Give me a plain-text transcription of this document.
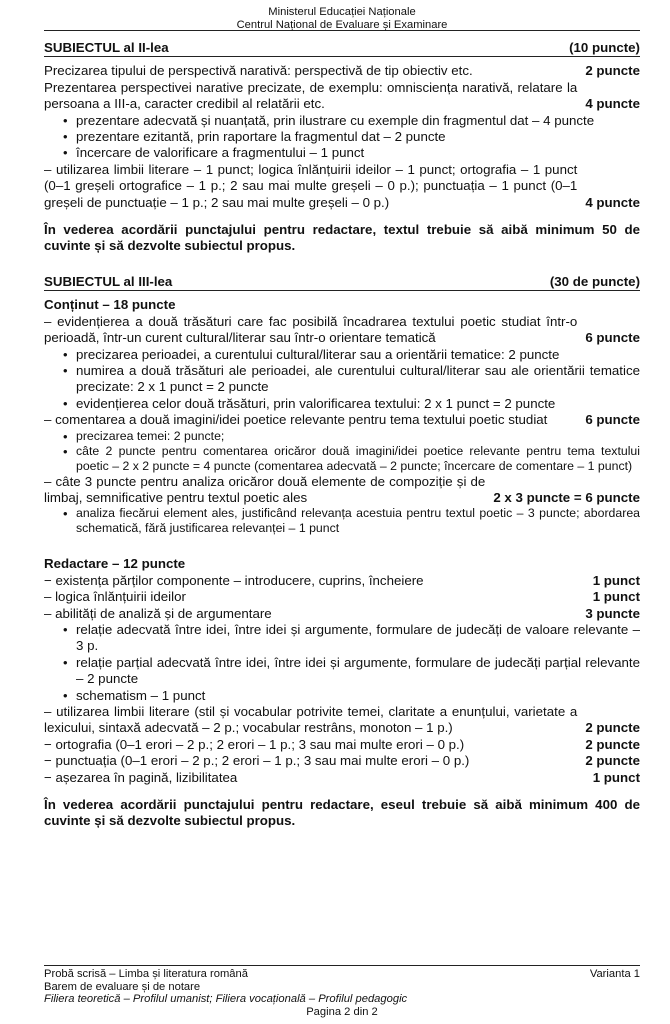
Ministerul Educației Naționale
Centrul Național de Evaluare și Examinare
SUBIECTUL al II-lea	(10 puncte)
Precizarea tipului de perspectivă narativă: perspectivă de tip obiectiv etc.	2 puncte
Prezentarea perspectivei narative precizate, de exemplu: omnisciența narativă, relatare la persoana a III-a, caracter credibil al relatării etc.	4 puncte
• prezentare adecvată și nuanțată, prin ilustrare cu exemple din fragmentul dat – 4 puncte
• prezentare ezitantă, prin raportare la fragmentul dat – 2 puncte
• încercare de valorificare a fragmentului – 1 punct
– utilizarea limbii literare – 1 punct; logica înlănțuirii ideilor – 1 punct; ortografia – 1 punct (0–1 greșeli ortografice – 1 p.; 2 sau mai multe greșeli – 0 p.); punctuația – 1 punct (0–1 greșeli de punctuație – 1 p.; 2 sau mai multe greșeli – 0 p.)	4 puncte
În vederea acordării punctajului pentru redactare, textul trebuie să aibă minimum 50 de cuvinte și să dezvolte subiectul propus.
SUBIECTUL al III-lea	(30 de puncte)
Conținut – 18 puncte
– evidențierea a două trăsături care fac posibilă încadrarea textului poetic studiat într-o perioadă, într-un curent cultural/literar sau într-o orientare tematică	6 puncte
• precizarea perioadei, a curentului cultural/literar sau a orientării tematice: 2 puncte
• numirea a două trăsături ale perioadei, ale curentului cultural/literar sau ale orientării tematice precizate: 2 x 1 punct = 2 puncte
• evidențierea celor două trăsături, prin valorificarea textului: 2 x 1 punct = 2 puncte
– comentarea a două imagini/idei poetice relevante pentru tema textului poetic studiat	6 puncte
• precizarea temei: 2 puncte;
• câte 2 puncte pentru comentarea oricăror două imagini/idei poetice relevante pentru tema textului poetic – 2 x 2 puncte = 4 puncte (comentarea adecvată – 2 puncte; încercare de comentare – 1 punct)
– câte 3 puncte pentru analiza oricăror două elemente de compoziție și de limbaj, semnificative pentru textul poetic ales	2 x 3 puncte = 6 puncte
• analiza fiecărui element ales, justificând relevanța acestuia pentru textul poetic – 3 puncte; abordarea schematică, fără justificarea relevanței – 1 punct
Redactare – 12 puncte
− existența părților componente – introducere, cuprins, încheiere	1 punct
– logica înlănțuirii ideilor	1 punct
– abilități de analiză și de argumentare	3 puncte
• relație adecvată între idei, între idei și argumente, formulare de judecăți de valoare relevante – 3 p.
• relație parțial adecvată între idei, între idei și argumente, formulare de judecăți parțial relevante – 2 puncte
• schematism – 1 punct
– utilizarea limbii literare (stil și vocabular potrivite temei, claritate a enunțului, varietate a lexicului, sintaxă adecvată – 2 p.; vocabular restrâns, monoton – 1 p.)	2 puncte
− ortografia (0–1 erori – 2 p.; 2 erori – 1 p.; 3 sau mai multe erori – 0 p.)	2 puncte
− punctuația (0–1 erori – 2 p.; 2 erori – 1 p.; 3 sau mai multe erori – 0 p.)	2 puncte
− așezarea în pagină, lizibilitatea	1 punct
În vederea acordării punctajului pentru redactare, eseul trebuie să aibă minimum 400 de cuvinte și să dezvolte subiectul propus.
Probă scrisă – Limba și literatura română	Varianta 1
Barem de evaluare și de notare
Filiera teoretică – Profilul umanist; Filiera vocațională – Profilul pedagogic
Pagina 2 din 2
